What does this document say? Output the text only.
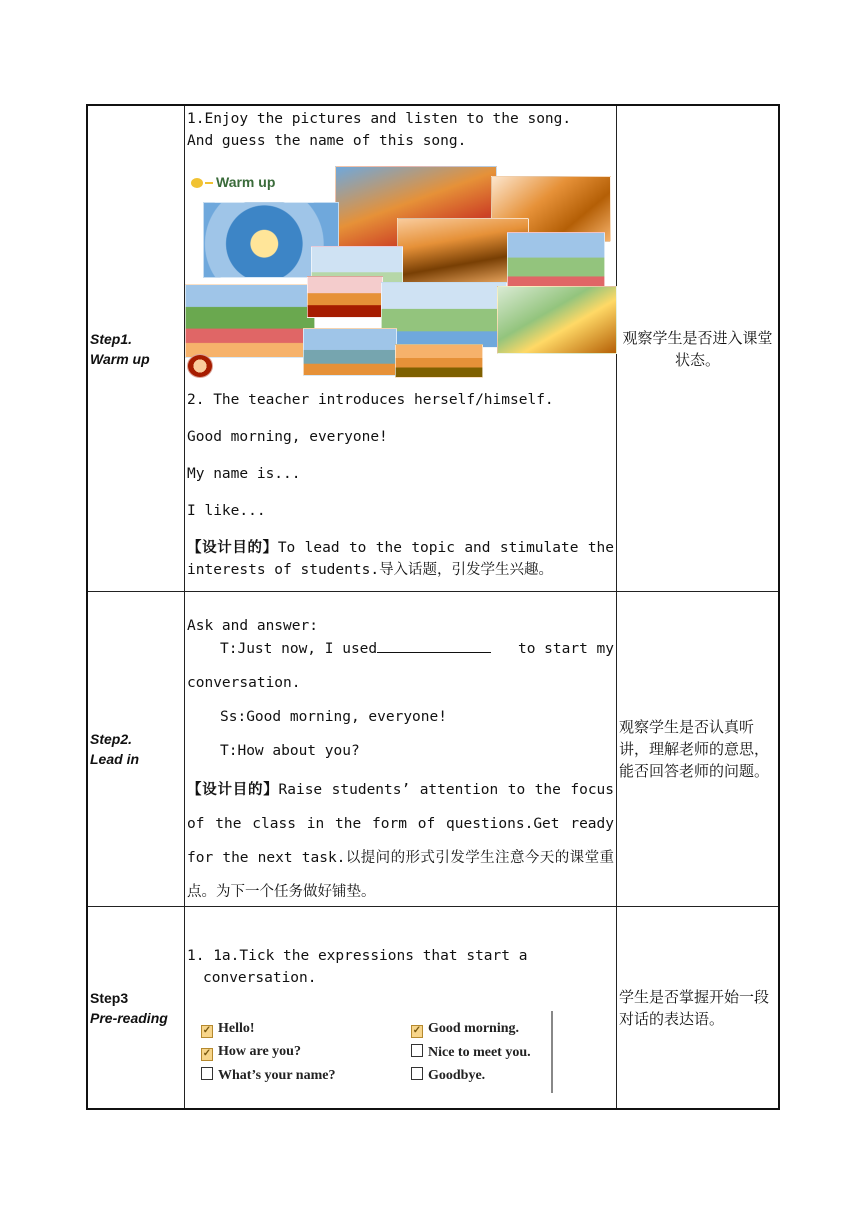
Step1.
Warm up

1.Enjoy the pictures and listen to the song.
And guess the name of this song.
Warm up
2. The teacher introduces herself/himself.
Good morning, everyone!
My name is...
I like...
【设计目的】To lead to the topic and stimulate the interests of students.导入话题，引发学生兴趣。

观察学生是否进入课堂状态。

Step2.
Lead in

Ask and answer:
T:Just now, I used	to start my
conversation.
Ss:Good morning, everyone!
T:How about you?
【设计目的】Raise students’ attention to the focus of the class in the form of questions.Get ready for the next task.以提问的形式引发学生注意今天的课堂重点。为下一个任务做好铺垫。

观察学生是否认真听讲，理解老师的意思，能否回答老师的问题。

Step3
Pre-reading

1. 1a.Tick the expressions that start a
conversation.
✓Hello!
✓	Good morning.
✓How are you?	Nice to meet you.
What’s your name?	Goodbye.

学生是否掌握开始一段对话的表达语。
